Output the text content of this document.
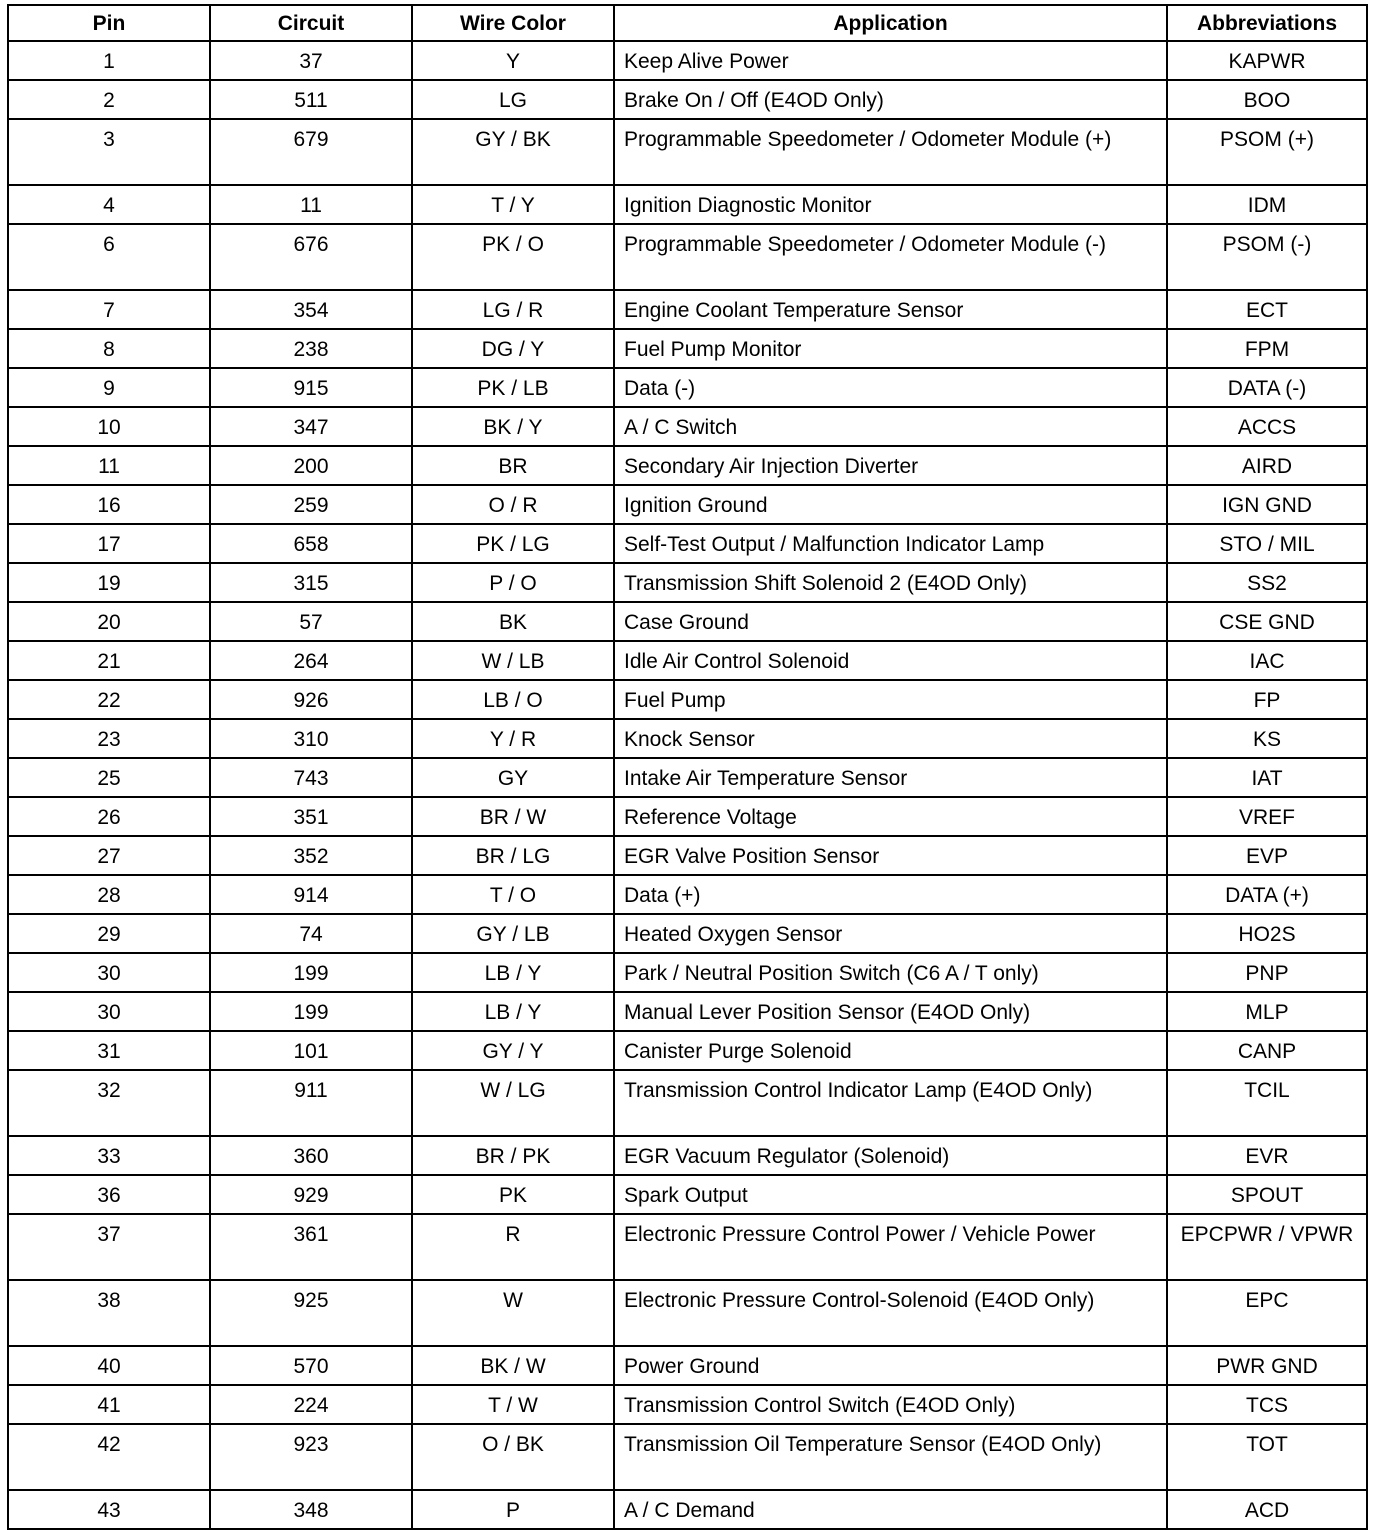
Pin	Circuit	Wire Color	Application	Abbreviations
1	37	Y	Keep Alive Power	KAPWR
2	511	LG	Brake On / Off (E4OD Only)	BOO
3	679	GY / BK	Programmable Speedometer / Odometer Module (+)	PSOM (+)
4	11	T / Y	Ignition Diagnostic Monitor	IDM
6	676	PK / O	Programmable Speedometer / Odometer Module (-)	PSOM (-)
7	354	LG / R	Engine Coolant Temperature Sensor	ECT
8	238	DG / Y	Fuel Pump Monitor	FPM
9	915	PK / LB	Data (-)	DATA (-)
10	347	BK / Y	A / C Switch	ACCS
11	200	BR	Secondary Air Injection Diverter	AIRD
16	259	O / R	Ignition Ground	IGN GND
17	658	PK / LG	Self-Test Output / Malfunction Indicator Lamp	STO / MIL
19	315	P / O	Transmission Shift Solenoid 2 (E4OD Only)	SS2
20	57	BK	Case Ground	CSE GND
21	264	W / LB	Idle Air Control Solenoid	IAC
22	926	LB / O	Fuel Pump	FP
23	310	Y / R	Knock Sensor	KS
25	743	GY	Intake Air Temperature Sensor	IAT
26	351	BR / W	Reference Voltage	VREF
27	352	BR / LG	EGR Valve Position Sensor	EVP
28	914	T / O	Data (+)	DATA (+)
29	74	GY / LB	Heated Oxygen Sensor	HO2S
30	199	LB / Y	Park / Neutral Position Switch (C6 A / T only)	PNP
30	199	LB / Y	Manual Lever Position Sensor (E4OD Only)	MLP
31	101	GY / Y	Canister Purge Solenoid	CANP
32	911	W / LG	Transmission Control Indicator Lamp (E4OD Only)	TCIL
33	360	BR / PK	EGR Vacuum Regulator (Solenoid)	EVR
36	929	PK	Spark Output	SPOUT
37	361	R	Electronic Pressure Control Power / Vehicle Power	EPCPWR / VPWR
38	925	W	Electronic Pressure Control-Solenoid (E4OD Only)	EPC
40	570	BK / W	Power Ground	PWR GND
41	224	T / W	Transmission Control Switch (E4OD Only)	TCS
42	923	O / BK	Transmission Oil Temperature Sensor (E4OD Only)	TOT
43	348	P	A / C Demand	ACD
